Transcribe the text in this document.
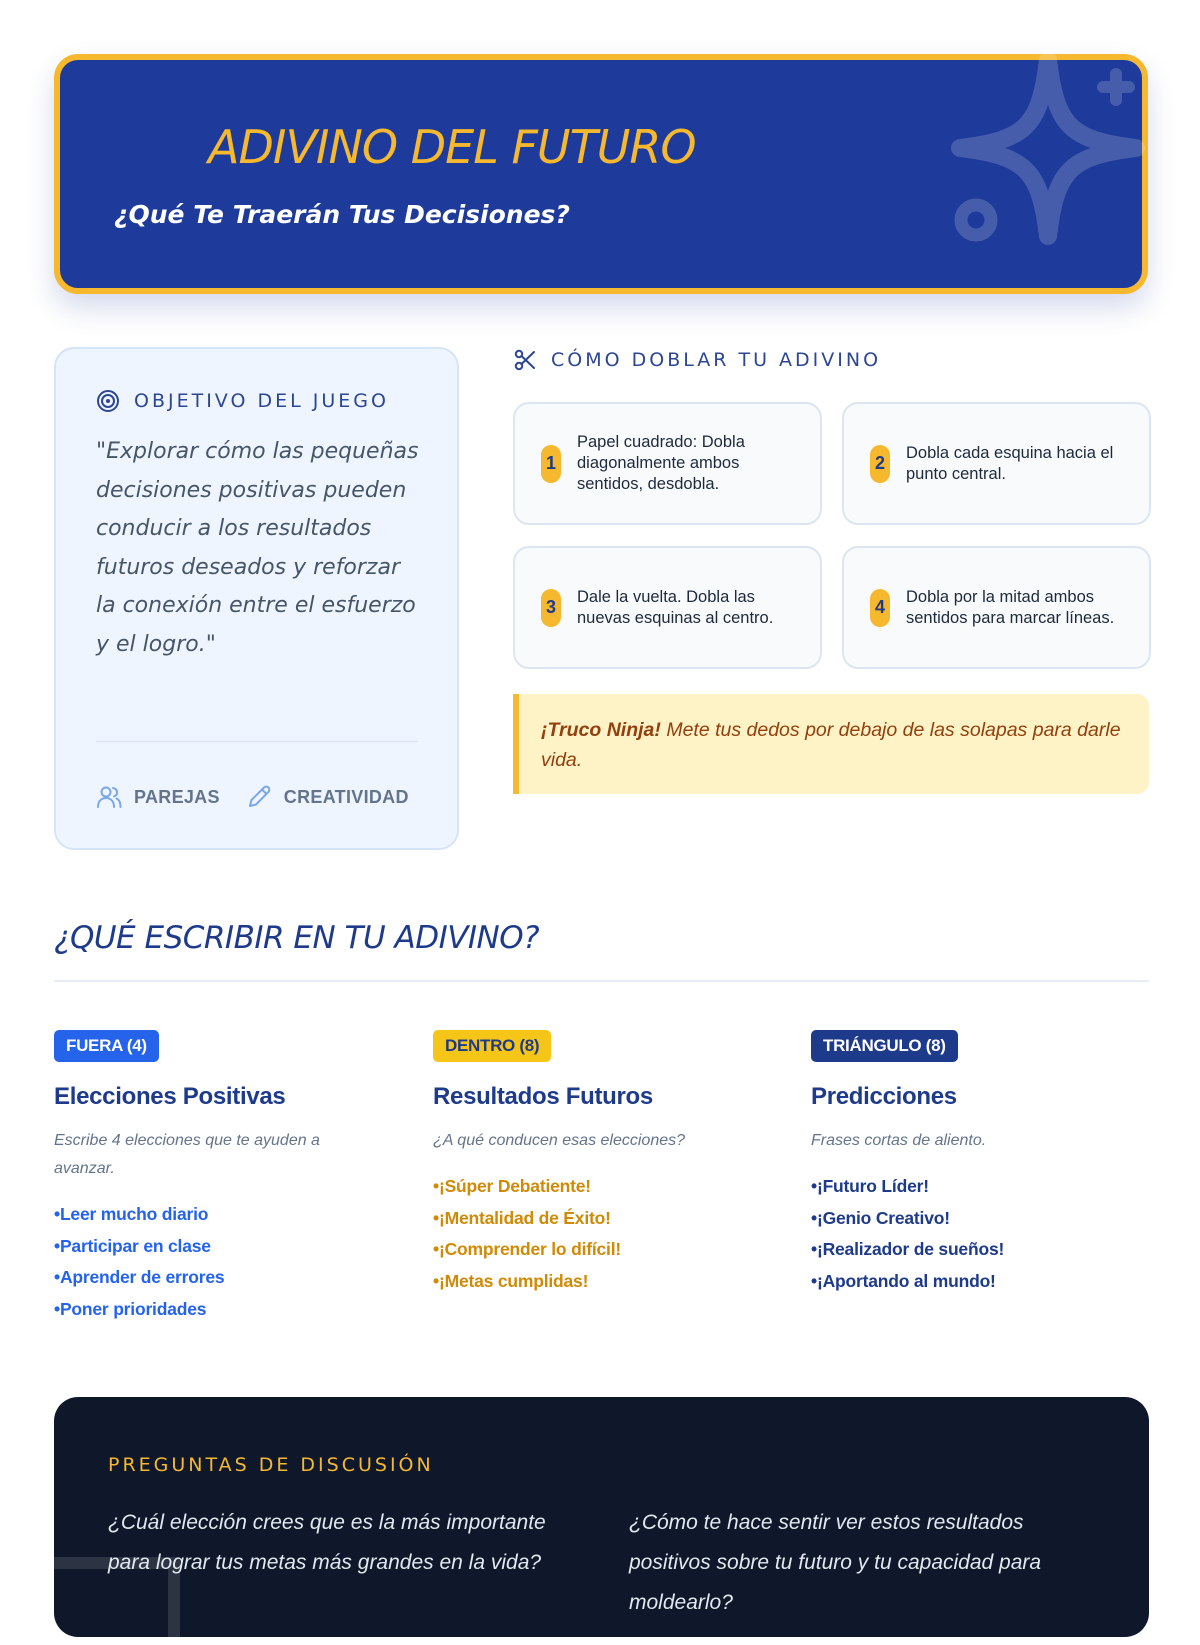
ADIVINO DEL FUTURO
¿Qué Te Traerán Tus Decisiones?
OBJETIVO DEL JUEGO
"Explorar cómo las pequeñas decisiones positivas pueden conducir a los resultados futuros deseados y reforzar la conexión entre el esfuerzo y el logro."
PAREJAS	CREATIVIDAD
CÓMO DOBLAR TU ADIVINO
1
Papel cuadrado: Dobla diagonalmente ambos sentidos, desdobla.
2
Dobla cada esquina hacia el punto central.
3
Dale la vuelta. Dobla las nuevas esquinas al centro.
4
Dobla por la mitad ambos sentidos para marcar líneas.
¡Truco Ninja! Mete tus dedos por debajo de las solapas para darle vida.
¿QUÉ ESCRIBIR EN TU ADIVINO?
FUERA (4)
Elecciones Positivas
Escribe 4 elecciones que te ayuden a avanzar.
• Leer mucho diario
• Participar en clase
• Aprender de errores
• Poner prioridades
DENTRO (8)
Resultados Futuros
¿A qué conducen esas elecciones?
• ¡Súper Debatiente!
• ¡Mentalidad de Éxito!
• ¡Comprender lo difícil!
• ¡Metas cumplidas!
TRIÁNGULO (8)
Predicciones
Frases cortas de aliento.
• ¡Futuro Líder!
• ¡Genio Creativo!
• ¡Realizador de sueños!
• ¡Aportando al mundo!
PREGUNTAS DE DISCUSIÓN
¿Cuál elección crees que es la más importante para lograr tus metas más grandes en la vida?
¿Cómo te hace sentir ver estos resultados positivos sobre tu futuro y tu capacidad para moldearlo?
